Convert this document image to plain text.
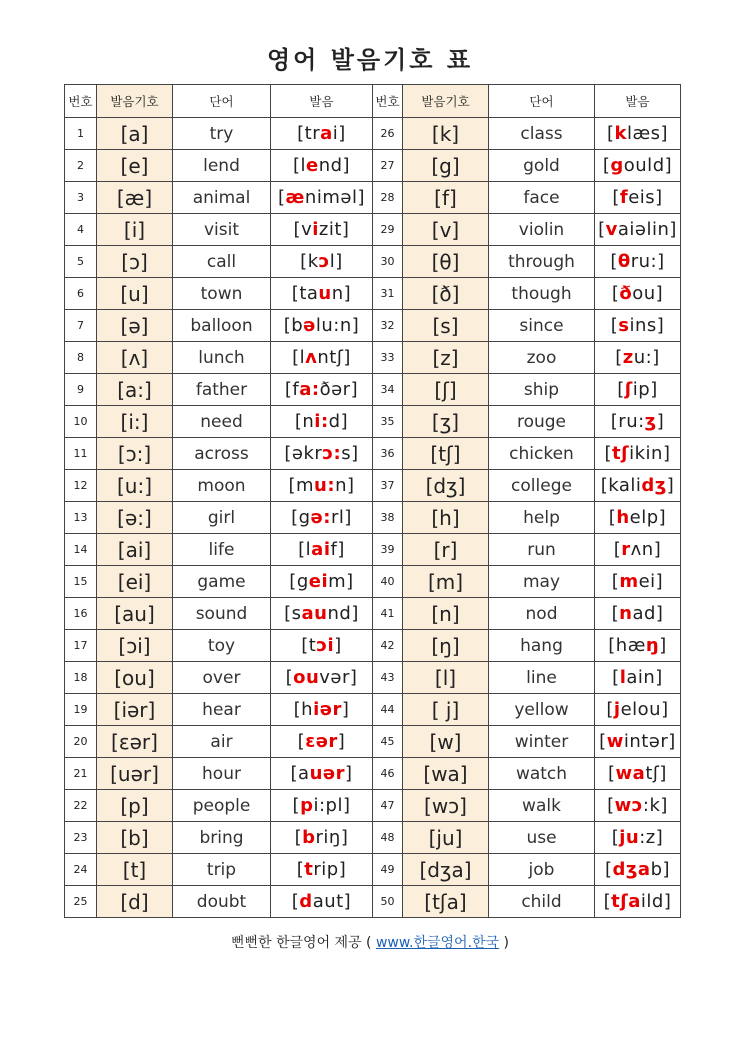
영어 발음기호 표
번호	발음기호	단어	발음	번호	발음기호	단어	발음
1	[a]	try	[trai]	26	[k]	class	[klæs]
2	[e]	lend	[lend]	27	[g]	gold	[gould]
3	[æ]	animal	[æniməl]	28	[f]	face	[feis]
4	[i]	visit	[vizit]	29	[v]	violin	[vaiəlin]
5	[ɔ]	call	[kɔl]	30	[θ]	through	[θru:]
6	[u]	town	[taun]	31	[ð]	though	[ðou]
7	[ə]	balloon	[bəlu:n]	32	[s]	since	[sins]
8	[ʌ]	lunch	[lʌntʃ]	33	[z]	zoo	[zu:]
9	[a:]	father	[fa:ðər]	34	[ʃ]	ship	[ʃip]
10	[i:]	need	[ni:d]	35	[ʒ]	rouge	[ru:ʒ]
11	[ɔ:]	across	[əkrɔ:s]	36	[tʃ]	chicken	[tʃikin]
12	[u:]	moon	[mu:n]	37	[dʒ]	college	[kalidʒ]
13	[ə:]	girl	[gə:rl]	38	[h]	help	[help]
14	[ai]	life	[laif]	39	[r]	run	[rʌn]
15	[ei]	game	[geim]	40	[m]	may	[mei]
16	[au]	sound	[saund]	41	[n]	nod	[nad]
17	[ɔi]	toy	[tɔi]	42	[ŋ]	hang	[hæŋ]
18	[ou]	over	[ouvər]	43	[l]	line	[lain]
19	[iər]	hear	[hiər]	44	[ j]	yellow	[jelou]
20	[εər]	air	[εər]	45	[w]	winter	[wintər]
21	[uər]	hour	[auər]	46	[wa]	watch	[watʃ]
22	[p]	people	[pi:pl]	47	[wɔ]	walk	[wɔ:k]
23	[b]	bring	[briŋ]	48	[ju]	use	[ju:z]
24	[t]	trip	[trip]	49	[dʒa]	job	[dʒab]
25	[d]	doubt	[daut]	50	[tʃa]	child	[tʃaild]
뻔뻔한 한글영어 제공 ( www.한글영어.한국 )
